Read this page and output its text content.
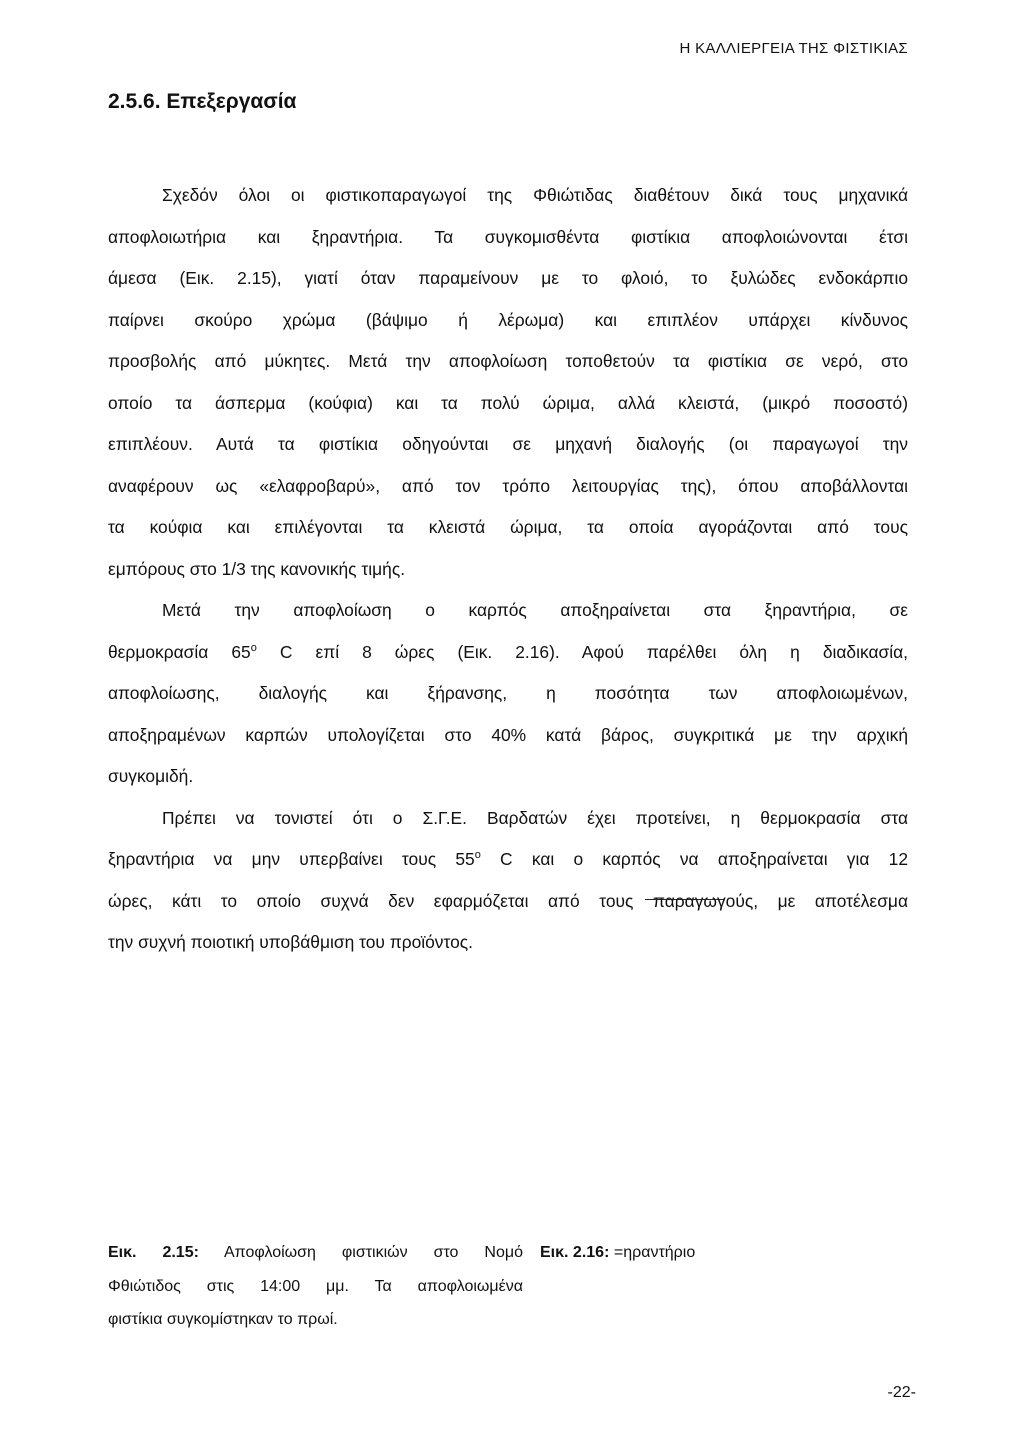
Η ΚΑΛΛΙΕΡΓΕΙΑ ΤΗΣ ΦΙΣΤΙΚΙΑΣ
2.5.6. Επεξεργασία

Σχεδόν όλοι οι φιστικοπαραγωγοί της Φθιώτιδας διαθέτουν δικά τους μηχανικά

αποφλοιωτήρια και ξηραντήρια. Τα συγκομισθέντα φιστίκια αποφλοιώνονται έτσι

άμεσα (Εικ. 2.15), γιατί όταν παραμείνουν με το φλοιό, το ξυλώδες ενδοκάρπιο

παίρνει σκούρο χρώμα (βάψιμο ή λέρωμα) και επιπλέον υπάρχει κίνδυνος

προσβολής από μύκητες. Μετά την αποφλοίωση τοποθετούν τα φιστίκια σε νερό, στο

οποίο τα άσπερμα (κούφια) και τα πολύ ώριμα, αλλά κλειστά, (μικρό ποσοστό)

επιπλέουν. Αυτά τα φιστίκια οδηγούνται σε μηχανή διαλογής (οι παραγωγοί την

αναφέρουν ως «ελαφροβαρύ», από τον τρόπο λειτουργίας της), όπου αποβάλλονται

τα κούφια και επιλέγονται τα κλειστά ώριμα, τα οποία αγοράζονται από τους

εμπόρους στο 1/3 της κανονικής τιμής.

Μετά την αποφλοίωση ο καρπός αποξηραίνεται στα ξηραντήρια, σε

θερμοκρασία $65^o$ C επί 8 ώρες (Εικ. 2.16). Αφού παρέλθει όλη η διαδικασία,

αποφλοίωσης, διαλογής και ξήρανσης, η ποσότητα των αποφλοιωμένων,

αποξηραμένων καρπών υπολογίζεται στο 40% κατά βάρος, συγκριτικά με την αρχική

συγκομιδή.

Πρέπει να τονιστεί ότι ο Σ.Γ.Ε. Βαρδατών έχει προτείνει, η θερμοκρασία στα

ξηραντήρια να μην υπερβαίνει τους $55^o$ C και ο καρπός να αποξηραίνεται για 12

ώρες, κάτι το οποίο συχνά δεν εφαρμόζεται από τους παραγωγούς, με αποτέλεσμα

την συχνή ποιοτική υποβάθμιση του προϊόντος.

Εικ. 2.15: Αποφλοίωση φιστικιών στο Νομό
Φθιώτιδος στις 14:00 μμ. Τα αποφλοιωμένα
φιστίκια συγκομίστηκαν το πρωί.
Εικ. 2.16: =ηραντήριο
-22-
